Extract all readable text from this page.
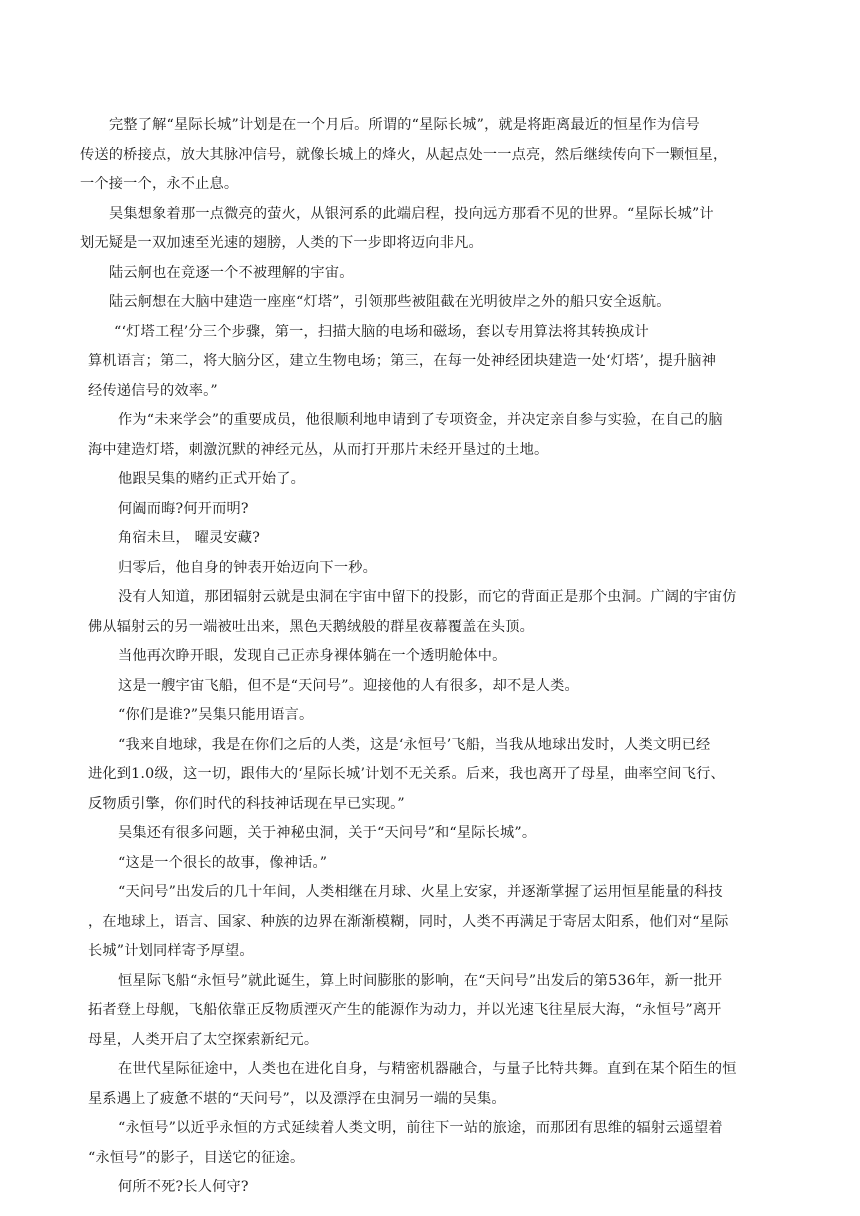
完整了解“星际长城”计划是在一个月后。所谓的“星际长城”，就是将距离最近的恒星作为信号

传送的桥接点，放大其脉冲信号，就像长城上的烽火，从起点处一一点亮，然后继续传向下一颗恒星，

一个接一个，永不止息。

吴集想象着那一点微亮的萤火，从银河系的此端启程，投向远方那看不见的世界。“星际长城”计

划无疑是一双加速至光速的翅膀，人类的下一步即将迈向非凡。

陆云舸也在竞逐一个不被理解的宇宙。

陆云舸想在大脑中建造一座座“灯塔”，引领那些被阻截在光明彼岸之外的船只安全返航。

“‘灯塔工程’分三个步骤，第一，扫描大脑的电场和磁场，套以专用算法将其转换成计

算机语言；第二，将大脑分区，建立生物电场；第三，在每一处神经团块建造一处‘灯塔’，提升脑神

经传递信号的效率。”

作为“未来学会”的重要成员，他很顺利地申请到了专项资金，并决定亲自参与实验，在自己的脑

海中建造灯塔，刺激沉默的神经元丛，从而打开那片未经开垦过的土地。

他跟吴集的赌约正式开始了。

何阖而晦?何开而明?

角宿未旦， 曜灵安藏?

归零后，他自身的钟表开始迈向下一秒。

没有人知道，那团辐射云就是虫洞在宇宙中留下的投影，而它的背面正是那个虫洞。广阔的宇宙仿

佛从辐射云的另一端被吐出来，黑色天鹅绒般的群星夜幕覆盖在头顶。

当他再次睁开眼，发现自己正赤身裸体躺在一个透明舱体中。

这是一艘宇宙飞船，但不是“天问号”。迎接他的人有很多，却不是人类。

“你们是谁?”吴集只能用语言。

“我来自地球，我是在你们之后的人类，这是‘永恒号’飞船，当我从地球出发时，人类文明已经

进化到1.0级，这一切，跟伟大的‘星际长城’计划不无关系。后来，我也离开了母星，曲率空间飞行、

反物质引擎，你们时代的科技神话现在早已实现。”

吴集还有很多问题，关于神秘虫洞，关于“天问号”和“星际长城”。

“这是一个很长的故事，像神话。”

“天问号”出发后的几十年间，人类相继在月球、火星上安家，并逐渐掌握了运用恒星能量的科技

，在地球上，语言、国家、种族的边界在渐渐模糊，同时，人类不再满足于寄居太阳系，他们对“星际

长城”计划同样寄予厚望。

恒星际飞船“永恒号”就此诞生，算上时间膨胀的影响，在“天问号”出发后的第536年，新一批开

拓者登上母舰，飞船依靠正反物质湮灭产生的能源作为动力，并以光速飞往星辰大海，“永恒号”离开

母星，人类开启了太空探索新纪元。

在世代星际征途中，人类也在进化自身，与精密机器融合，与量子比特共舞。直到在某个陌生的恒

星系遇上了疲惫不堪的“天问号”，以及漂浮在虫洞另一端的吴集。

“永恒号”以近乎永恒的方式延续着人类文明，前往下一站的旅途，而那团有思维的辐射云遥望着

“永恒号”的影子，目送它的征途。

何所不死?长人何守?
